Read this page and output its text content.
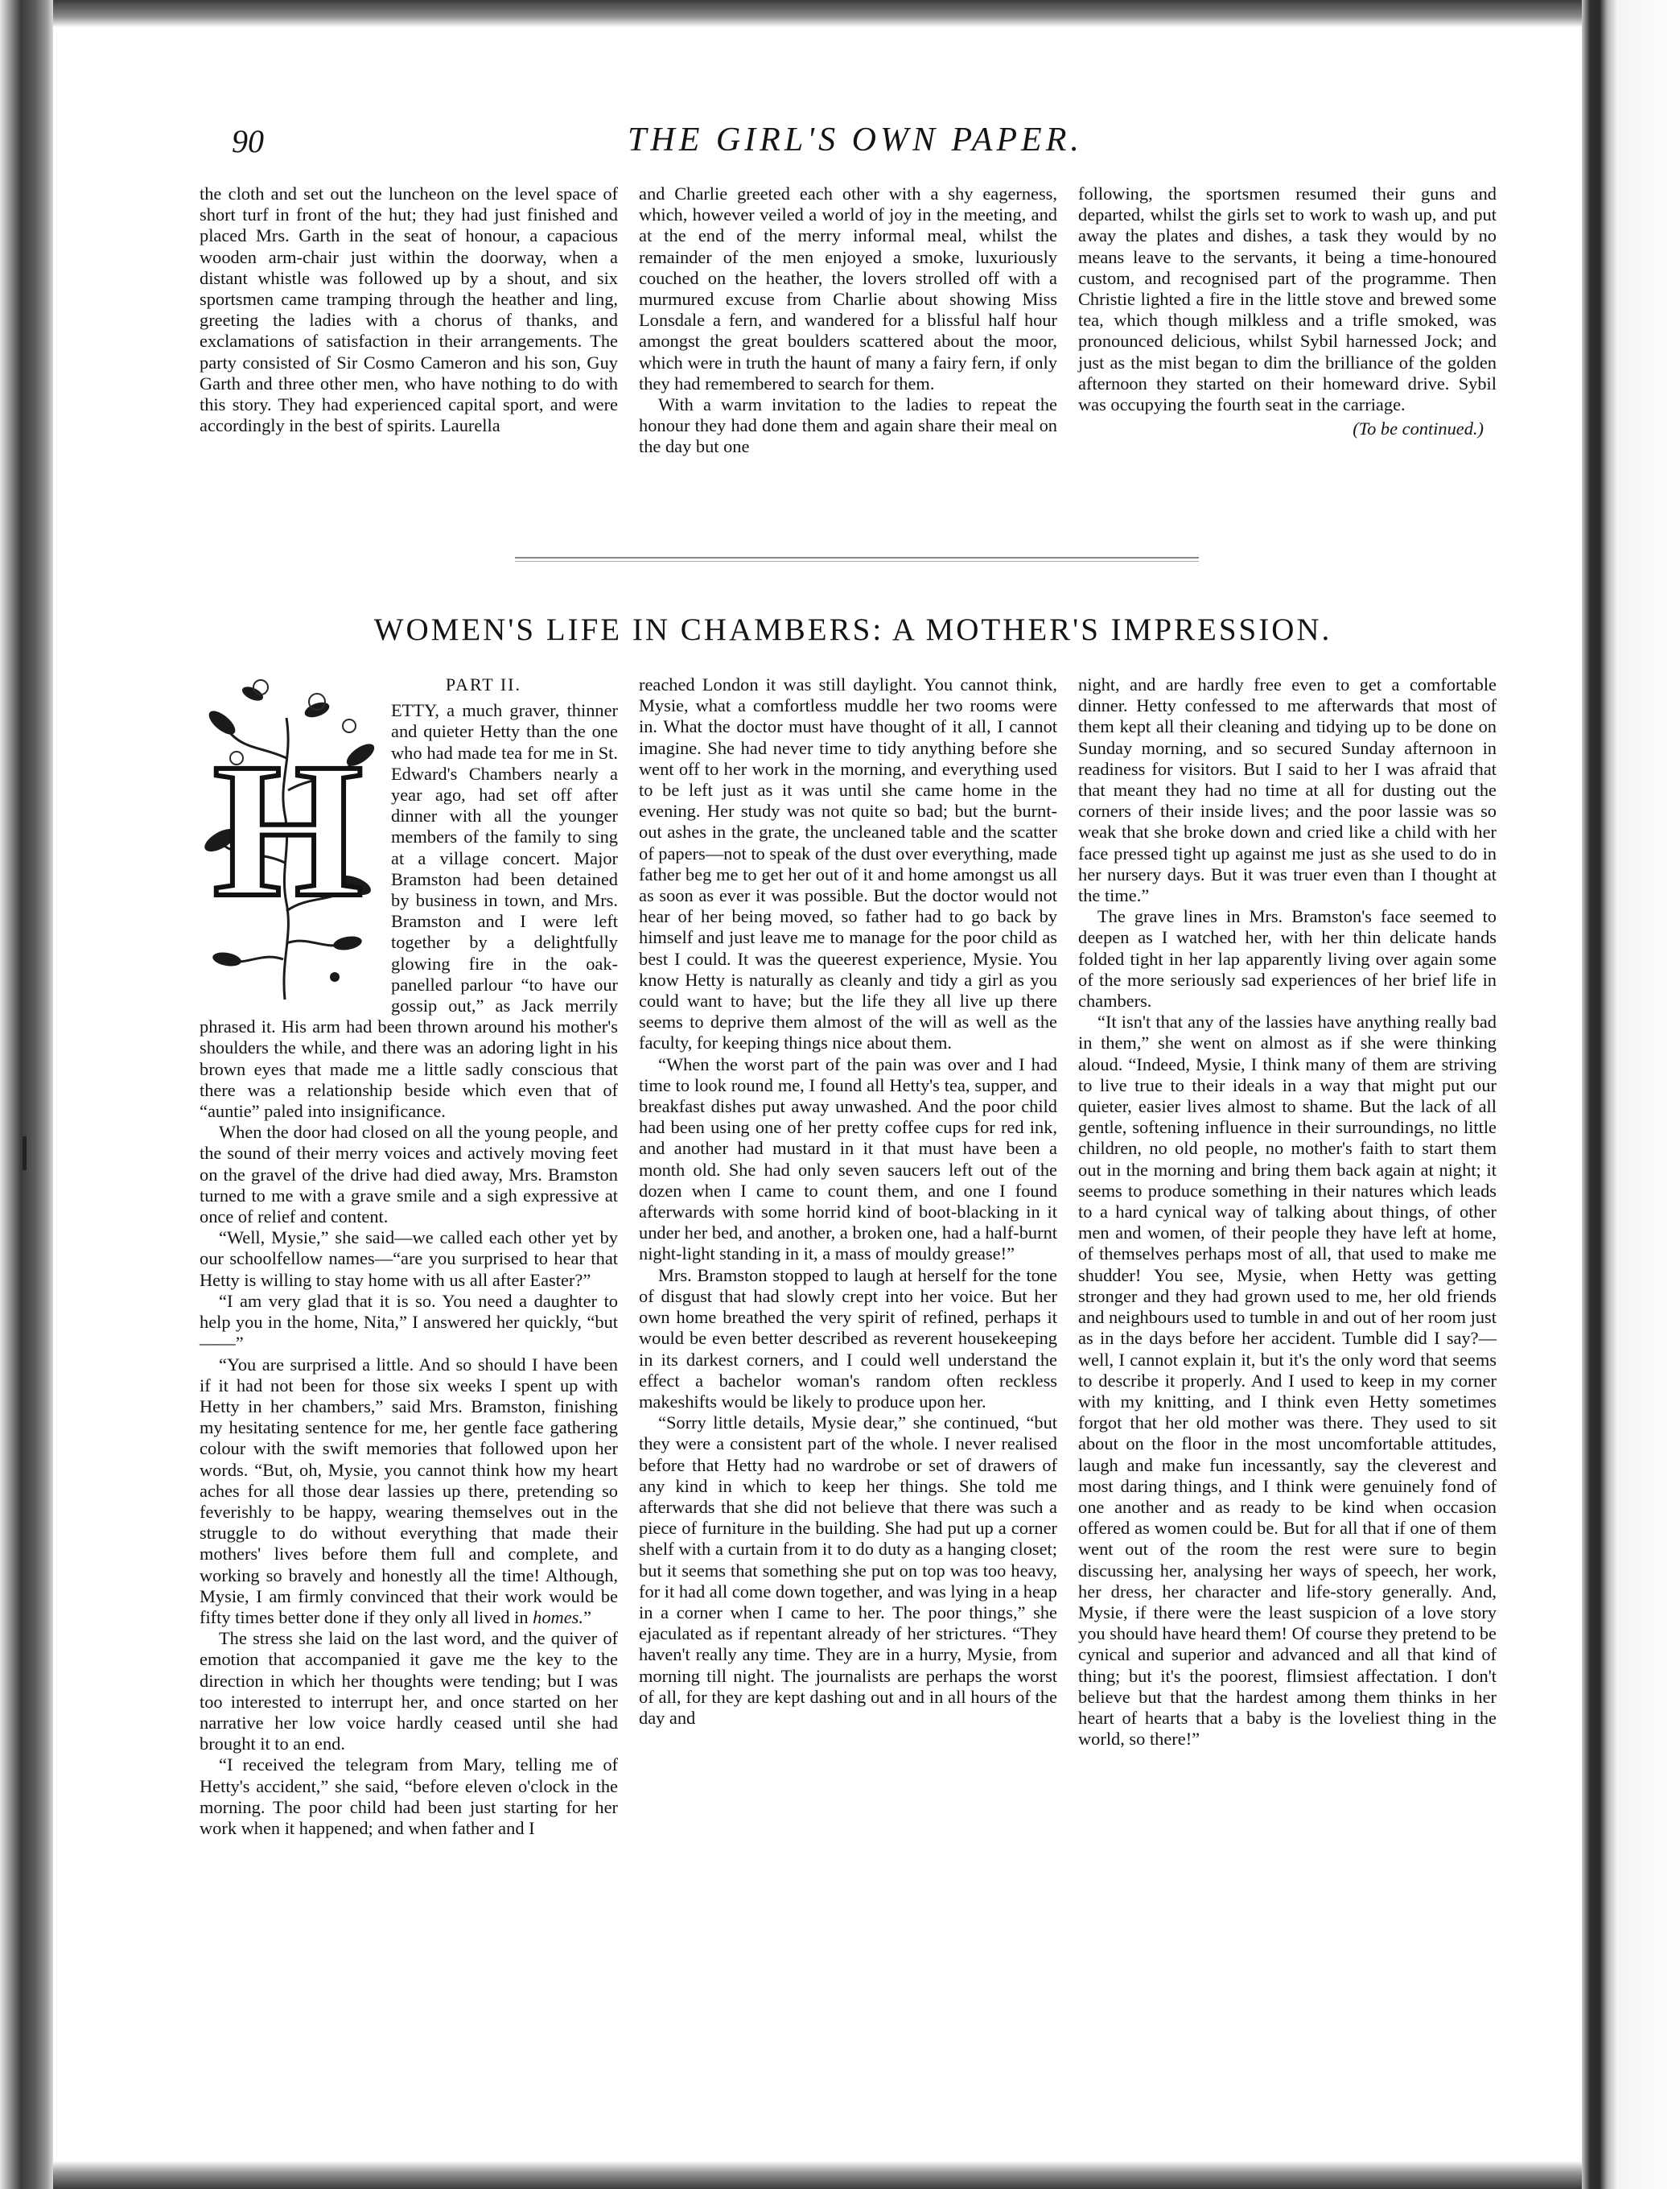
90	THE GIRL'S OWN PAPER.

the cloth and set out the luncheon on the level space of short turf in front of the hut; they had just finished and placed Mrs. Garth in the seat of honour, a capacious wooden arm-chair just within the doorway, when a distant whistle was followed up by a shout, and six sportsmen came tramping through the heather and ling, greeting the ladies with a chorus of thanks, and exclamations of satisfaction in their arrangements. The party consisted of Sir Cosmo Cameron and his son, Guy Garth and three other men, who have nothing to do with this story. They had experienced capital sport, and were accordingly in the best of spirits. Laurella

and Charlie greeted each other with a shy eagerness, which, however veiled a world of joy in the meeting, and at the end of the merry informal meal, whilst the remainder of the men enjoyed a smoke, luxuriously couched on the heather, the lovers strolled off with a murmured excuse from Charlie about showing Miss Lonsdale a fern, and wandered for a blissful half hour amongst the great boulders scattered about the moor, which were in truth the haunt of many a fairy fern, if only they had remembered to search for them.

With a warm invitation to the ladies to repeat the honour they had done them and again share their meal on the day but one

following, the sportsmen resumed their guns and departed, whilst the girls set to work to wash up, and put away the plates and dishes, a task they would by no means leave to the servants, it being a time-honoured custom, and recognised part of the programme. Then Christie lighted a fire in the little stove and brewed some tea, which though milkless and a trifle smoked, was pronounced delicious, whilst Sybil harnessed Jock; and just as the mist began to dim the brilliance of the golden afternoon they started on their homeward drive. Sybil was occupying the fourth seat in the carriage.

(To be continued.)
WOMEN'S LIFE IN CHAMBERS: A MOTHER'S IMPRESSION.
H

PART II.

ETTY, a much graver, thinner and quieter Hetty than the one who had made tea for me in St. Edward's Chambers nearly a year ago, had set off after dinner with all the younger members of the family to sing at a village concert. Major Bramston had been detained by business in town, and Mrs. Bramston and I were left together by a delightfully glowing fire in the oak-panelled parlour “to have our gossip out,” as Jack merrily phrased it. His arm had been thrown around his mother's shoulders the while, and there was an adoring light in his brown eyes that made me a little sadly conscious that there was a relationship beside which even that of “auntie” paled into insignificance.

When the door had closed on all the young people, and the sound of their merry voices and actively moving feet on the gravel of the drive had died away, Mrs. Bramston turned to me with a grave smile and a sigh expressive at once of relief and content.

“Well, Mysie,” she said—we called each other yet by our schoolfellow names—“are you surprised to hear that Hetty is willing to stay home with us all after Easter?”

“I am very glad that it is so. You need a daughter to help you in the home, Nita,” I answered her quickly, “but——”

“You are surprised a little. And so should I have been if it had not been for those six weeks I spent up with Hetty in her chambers,” said Mrs. Bramston, finishing my hesitating sentence for me, her gentle face gathering colour with the swift memories that followed upon her words. “But, oh, Mysie, you cannot think how my heart aches for all those dear lassies up there, pretending so feverishly to be happy, wearing themselves out in the struggle to do without everything that made their mothers' lives before them full and complete, and working so bravely and honestly all the time! Although, Mysie, I am firmly convinced that their work would be fifty times better done if they only all lived in homes.”

The stress she laid on the last word, and the quiver of emotion that accompanied it gave me the key to the direction in which her thoughts were tending; but I was too interested to interrupt her, and once started on her narrative her low voice hardly ceased until she had brought it to an end.

“I received the telegram from Mary, telling me of Hetty's accident,” she said, “before eleven o'clock in the morning. The poor child had been just starting for her work when it happened; and when father and I

reached London it was still daylight. You cannot think, Mysie, what a comfortless muddle her two rooms were in. What the doctor must have thought of it all, I cannot imagine. She had never time to tidy anything before she went off to her work in the morning, and everything used to be left just as it was until she came home in the evening. Her study was not quite so bad; but the burnt-out ashes in the grate, the uncleaned table and the scatter of papers—not to speak of the dust over everything, made father beg me to get her out of it and home amongst us all as soon as ever it was possible. But the doctor would not hear of her being moved, so father had to go back by himself and just leave me to manage for the poor child as best I could. It was the queerest experience, Mysie. You know Hetty is naturally as cleanly and tidy a girl as you could want to have; but the life they all live up there seems to deprive them almost of the will as well as the faculty, for keeping things nice about them.

“When the worst part of the pain was over and I had time to look round me, I found all Hetty's tea, supper, and breakfast dishes put away unwashed. And the poor child had been using one of her pretty coffee cups for red ink, and another had mustard in it that must have been a month old. She had only seven saucers left out of the dozen when I came to count them, and one I found afterwards with some horrid kind of boot-blacking in it under her bed, and another, a broken one, had a half-burnt night-light standing in it, a mass of mouldy grease!”

Mrs. Bramston stopped to laugh at herself for the tone of disgust that had slowly crept into her voice. But her own home breathed the very spirit of refined, perhaps it would be even better described as reverent housekeeping in its darkest corners, and I could well understand the effect a bachelor woman's random often reckless makeshifts would be likely to produce upon her.

“Sorry little details, Mysie dear,” she continued, “but they were a consistent part of the whole. I never realised before that Hetty had no wardrobe or set of drawers of any kind in which to keep her things. She told me afterwards that she did not believe that there was such a piece of furniture in the building. She had put up a corner shelf with a curtain from it to do duty as a hanging closet; but it seems that something she put on top was too heavy, for it had all come down together, and was lying in a heap in a corner when I came to her. The poor things,” she ejaculated as if repentant already of her strictures. “They haven't really any time. They are in a hurry, Mysie, from morning till night. The journalists are perhaps the worst of all, for they are kept dashing out and in all hours of the day and

night, and are hardly free even to get a comfortable dinner. Hetty confessed to me afterwards that most of them kept all their cleaning and tidying up to be done on Sunday morning, and so secured Sunday afternoon in readiness for visitors. But I said to her I was afraid that that meant they had no time at all for dusting out the corners of their inside lives; and the poor lassie was so weak that she broke down and cried like a child with her face pressed tight up against me just as she used to do in her nursery days. But it was truer even than I thought at the time.”

The grave lines in Mrs. Bramston's face seemed to deepen as I watched her, with her thin delicate hands folded tight in her lap apparently living over again some of the more seriously sad experiences of her brief life in chambers.

“It isn't that any of the lassies have anything really bad in them,” she went on almost as if she were thinking aloud. “Indeed, Mysie, I think many of them are striving to live true to their ideals in a way that might put our quieter, easier lives almost to shame. But the lack of all gentle, softening influence in their surroundings, no little children, no old people, no mother's faith to start them out in the morning and bring them back again at night; it seems to produce something in their natures which leads to a hard cynical way of talking about things, of other men and women, of their people they have left at home, of themselves perhaps most of all, that used to make me shudder! You see, Mysie, when Hetty was getting stronger and they had grown used to me, her old friends and neighbours used to tumble in and out of her room just as in the days before her accident. Tumble did I say?—well, I cannot explain it, but it's the only word that seems to describe it properly. And I used to keep in my corner with my knitting, and I think even Hetty sometimes forgot that her old mother was there. They used to sit about on the floor in the most uncomfortable attitudes, laugh and make fun incessantly, say the cleverest and most daring things, and I think were genuinely fond of one another and as ready to be kind when occasion offered as women could be. But for all that if one of them went out of the room the rest were sure to begin discussing her, analysing her ways of speech, her work, her dress, her character and life-story generally. And, Mysie, if there were the least suspicion of a love story you should have heard them! Of course they pretend to be cynical and superior and advanced and all that kind of thing; but it's the poorest, flimsiest affectation. I don't believe but that the hardest among them thinks in her heart of hearts that a baby is the loveliest thing in the world, so there!”
